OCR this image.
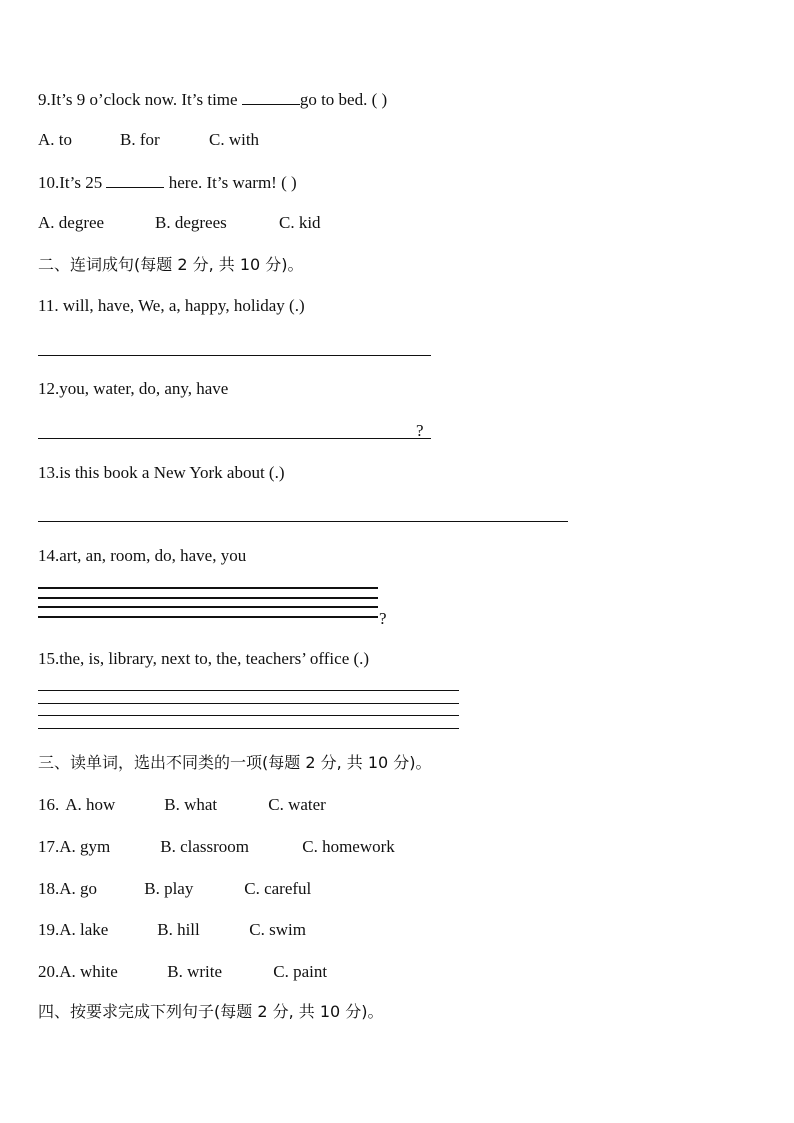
9.It’s 9 o’clock now. It’s time	go to bed. ( )
A. to	B. for	C. with
10.It’s 25	here. It’s warm! ( )
A. degree	B. degrees	C. kid
二、连词成句(每题 2 分, 共 10 分)。
11. will, have, We, a, happy, holiday (.)
12.you, water, do, any, have
?
13.is this book a New York about (.)
14.art, an, room, do, have, you
?
15.the, is, library, next to, the, teachers’ office (.)
三、读单词，选出不同类的一项(每题 2 分, 共 10 分)。
16. A. how	B. what	C. water
17.A. gym	B. classroom	C. homework
18.A. go	B. play	C. careful
19.A. lake	B. hill	C. swim
20.A. white	B. write	C. paint
四、按要求完成下列句子(每题 2 分, 共 10 分)。
